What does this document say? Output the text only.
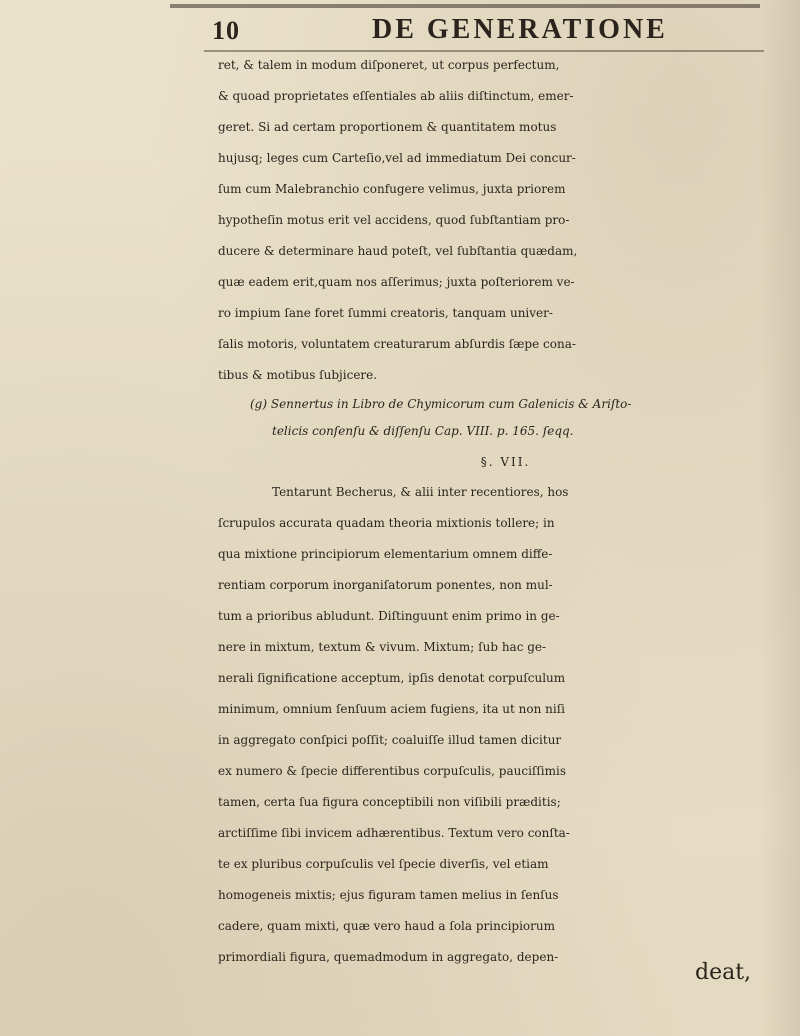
10	DE GENERATIONE
ret, & talem in modum diſponeret, ut corpus perfectum,
& quoad proprietates eſſentiales ab aliis diſtinctum, emer-
geret. Si ad certam proportionem & quantitatem motus
hujusq; leges cum Carteſio,vel ad immediatum Dei concur-
ſum cum Malebranchio confugere velimus, juxta priorem
hypotheſin motus erit vel accidens, quod ſubſtantiam pro-
ducere & determinare haud poteſt, vel ſubſtantia quædam,
quæ eadem erit,quam nos aſſerimus; juxta poſteriorem ve-
ro impium ſane foret ſummi creatoris, tanquam univer-
ſalis motoris, voluntatem creaturarum abſurdis ſæpe cona-
tibus & motibus ſubjicere.
(g) Sennertus in Libro de Chymicorum cum Galenicis & Ariſto-
telicis conſenſu & diſſenſu Cap. VIII. p. 165. ſeqq.
§. VII.
Tentarunt Becherus, & alii inter recentiores, hos
ſcrupulos accurata quadam theoria mixtionis tollere; in
qua mixtione principiorum elementarium omnem diffe-
rentiam corporum inorganiſatorum ponentes, non mul-
tum a prioribus abludunt. Diſtinguunt enim primo in ge-
nere in mixtum, textum & vivum. Mixtum; ſub hac ge-
nerali ſignificatione acceptum, ipſis denotat corpuſculum
minimum, omnium ſenſuum aciem fugiens, ita ut non niſi
in aggregato conſpici poſſit; coaluiſſe illud tamen dicitur
ex numero & ſpecie differentibus corpuſculis, pauciſſimis
tamen, certa ſua figura conceptibili non viſibili præditis;
arctiſſime ſibi invicem adhærentibus. Textum vero conſta-
te ex pluribus corpuſculis vel ſpecie diverſis, vel etiam
homogeneis mixtis; ejus figuram tamen melius in ſenſus
cadere, quam mixti, quæ vero haud a ſola principiorum
primordiali figura, quemadmodum in aggregato, depen-
deat,
